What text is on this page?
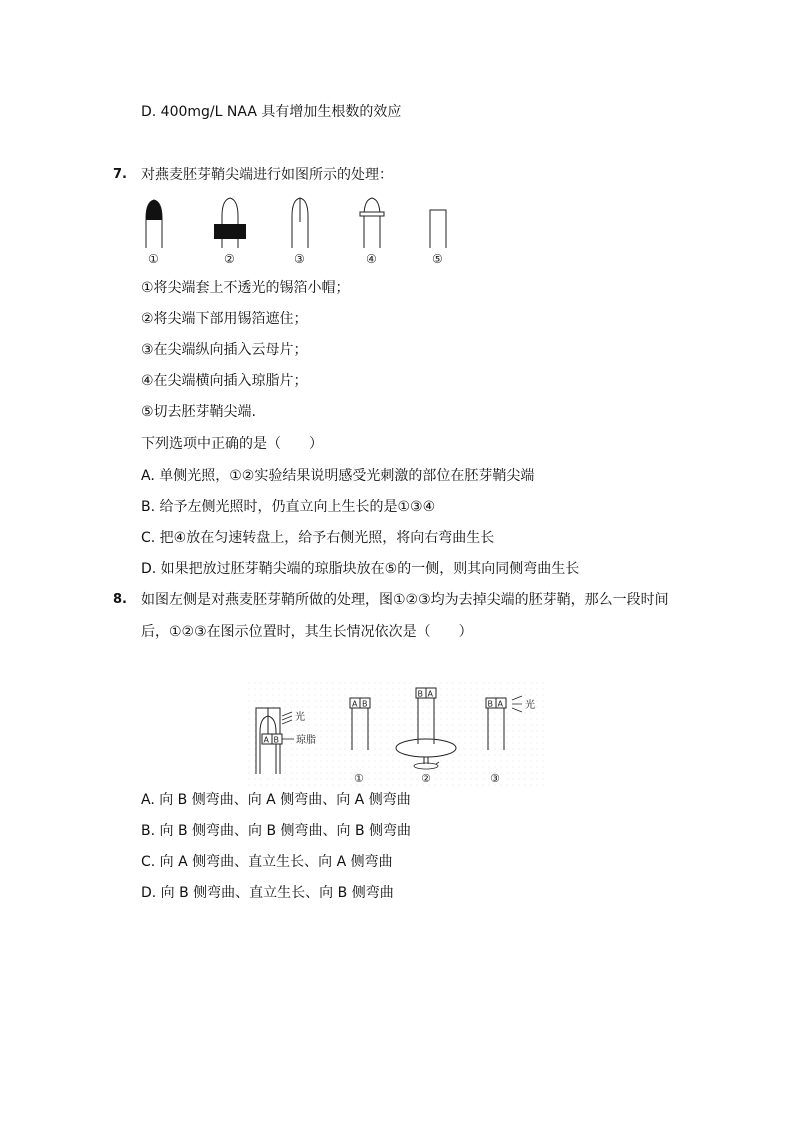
D. 400mg/L NAA 具有增加生根数的效应
7. 对燕麦胚芽鞘尖端进行如图所示的处理：
①	②	③	④	⑤
①将尖端套上不透光的锡箔小帽；
②将尖端下部用锡箔遮住；
③在尖端纵向插入云母片；
④在尖端横向插入琼脂片；
⑤切去胚芽鞘尖端.
下列选项中正确的是（　　）
A. 单侧光照，①②实验结果说明感受光刺激的部位在胚芽鞘尖端
B. 给予左侧光照时，仍直立向上生长的是①③④
C. 把④放在匀速转盘上，给予右侧光照，将向右弯曲生长
D. 如果把放过胚芽鞘尖端的琼脂块放在⑤的一侧，则其向同侧弯曲生长
8. 如图左侧是对燕麦胚芽鞘所做的处理，图①②③均为去掉尖端的胚芽鞘，那么一段时间
后，①②③在图示位置时，其生长情况依次是（　　）
A B
光
琼脂
A B
①
B A
②
B A 光
③
A. 向 B 侧弯曲、向 A 侧弯曲、向 A 侧弯曲
B. 向 B 侧弯曲、向 B 侧弯曲、向 B 侧弯曲
C. 向 A 侧弯曲、直立生长、向 A 侧弯曲
D. 向 B 侧弯曲、直立生长、向 B 侧弯曲
